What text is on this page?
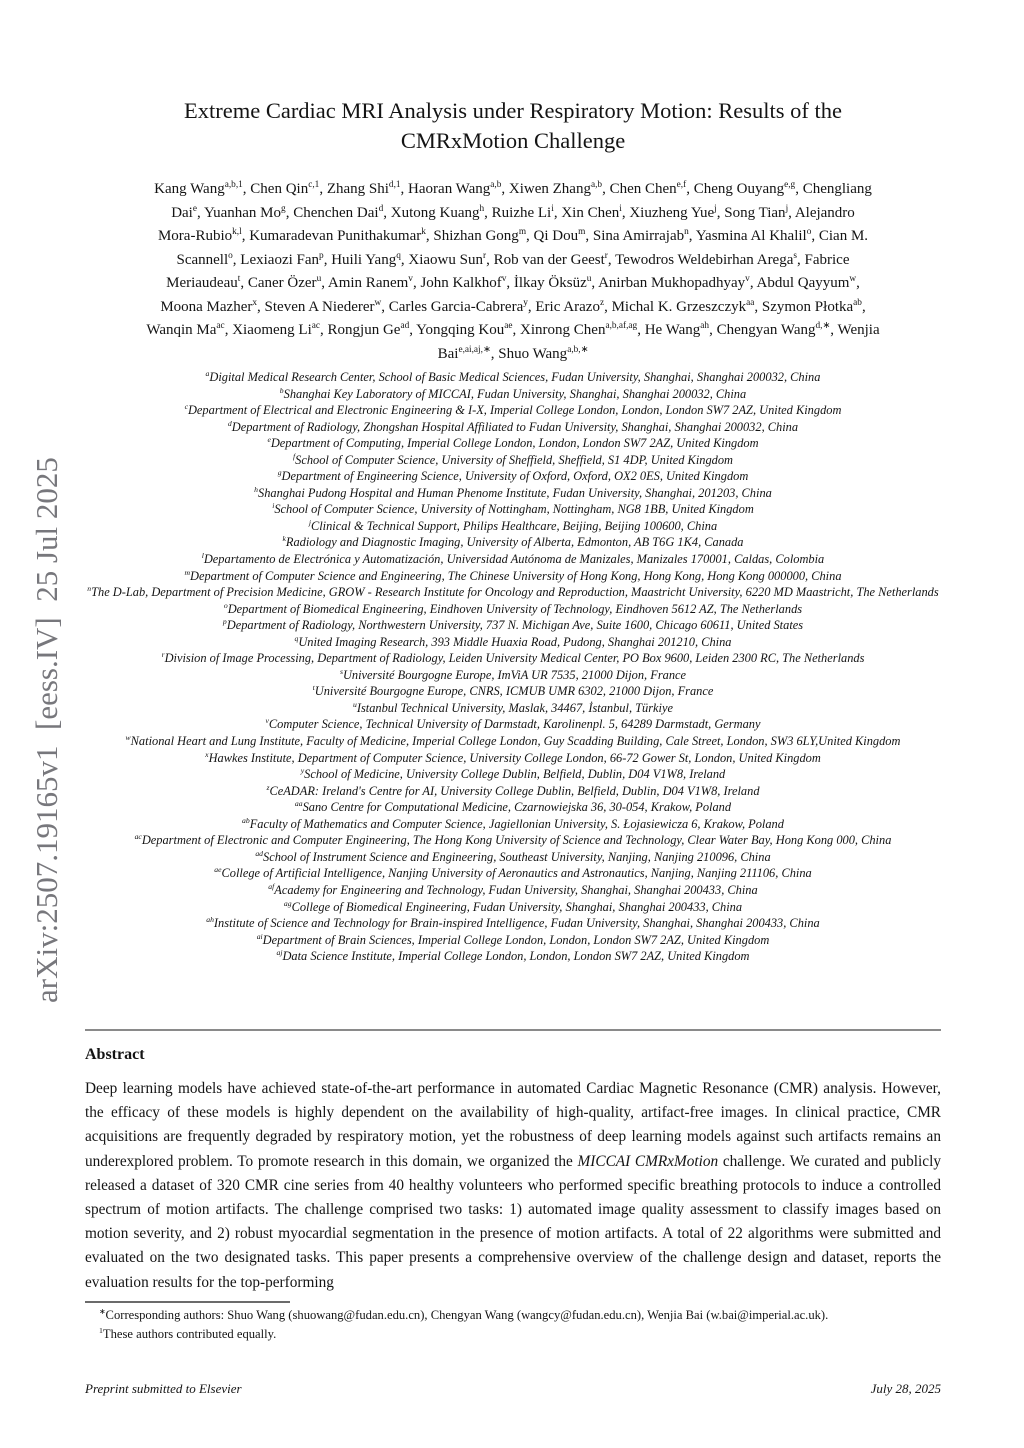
arXiv:2507.19165v1  [eess.IV]  25 Jul 2025
Extreme Cardiac MRI Analysis under Respiratory Motion: Results of the
CMRxMotion Challenge
Kang Wang$^{a,b,1}$, Chen Qin$^{c,1}$, Zhang Shi$^{d,1}$, Haoran Wang$^{a,b}$, Xiwen Zhang$^{a,b}$, Chen Chen$^{e,f}$, Cheng Ouyang$^{e,g}$, Chengliang
Dai$^e$, Yuanhan Mo$^g$, Chenchen Dai$^d$, Xutong Kuang$^h$, Ruizhe Li$^i$, Xin Chen$^i$, Xiuzheng Yue$^j$, Song Tian$^j$, Alejandro
Mora-Rubio$^{k,l}$, Kumaradevan Punithakumar$^k$, Shizhan Gong$^m$, Qi Dou$^m$, Sina Amirrajab$^n$, Yasmina Al Khalil$^o$, Cian M.
Scannell$^o$, Lexiaozi Fan$^p$, Huili Yang$^q$, Xiaowu Sun$^r$, Rob van der Geest$^r$, Tewodros Weldebirhan Arega$^s$, Fabrice
Meriaudeau$^t$, Caner Özer$^u$, Amin Ranem$^v$, John Kalkhof$^v$, İlkay Öksüz$^u$, Anirban Mukhopadhyay$^v$, Abdul Qayyum$^w$,
Moona Mazher$^x$, Steven A Niederer$^w$, Carles Garcia-Cabrera$^y$, Eric Arazo$^z$, Michal K. Grzeszczyk$^{aa}$, Szymon Płotka$^{ab}$,
Wanqin $Ma^{ac}$, Xiaomeng $Li^{ac}$, Rongjun $Ge^{ad}$, Yongqing Kou$^{ae}$, Xinrong Chen$^{a,b,af,ag}$, He Wang$^{ah}$, Chengyan Wang$^{d,∗}$, Wenjia
Bai$^{e,ai,aj,∗}$, Shuo Wang$^{a,b,∗}$
$^a$Digital Medical Research Center, School of Basic Medical Sciences, Fudan University, Shanghai, Shanghai 200032, China
$^b$Shanghai Key Laboratory of MICCAI, Fudan University, Shanghai, Shanghai 200032, China
$^c$Department of Electrical and Electronic Engineering & I-X, Imperial College London, London, London SW7 2AZ, United Kingdom
$^d$Department of Radiology, Zhongshan Hospital Affiliated to Fudan University, Shanghai, Shanghai 200032, China
$^e$Department of Computing, Imperial College London, London, London SW7 2AZ, United Kingdom
$^f$School of Computer Science, University of Sheffield, Sheffield, S1 4DP, United Kingdom
$^g$Department of Engineering Science, University of Oxford, Oxford, OX2 0ES, United Kingdom
$^h$Shanghai Pudong Hospital and Human Phenome Institute, Fudan University, Shanghai, 201203, China
$^i$School of Computer Science, University of Nottingham, Nottingham, NG8 1BB, United Kingdom
$^j$Clinical & Technical Support, Philips Healthcare, Beijing, Beijing 100600, China
$^k$Radiology and Diagnostic Imaging, University of Alberta, Edmonton, AB T6G 1K4, Canada
$^l$Departamento de Electrónica y Automatización, Universidad Autónoma de Manizales, Manizales 170001, Caldas, Colombia
$^m$Department of Computer Science and Engineering, The Chinese University of Hong Kong, Hong Kong, Hong Kong 000000, China
$^n$The D-Lab, Department of Precision Medicine, GROW - Research Institute for Oncology and Reproduction, Maastricht University, 6220 MD Maastricht, The Netherlands
$^o$Department of Biomedical Engineering, Eindhoven University of Technology, Eindhoven 5612 AZ, The Netherlands
$^p$Department of Radiology, Northwestern University, 737 N. Michigan Ave, Suite 1600, Chicago 60611, United States
$^q$United Imaging Research, 393 Middle Huaxia Road, Pudong, Shanghai 201210, China
$^r$Division of Image Processing, Department of Radiology, Leiden University Medical Center, PO Box 9600, Leiden 2300 RC, The Netherlands
$^s$Université Bourgogne Europe, ImViA UR 7535, 21000 Dijon, France
$^t$Université Bourgogne Europe, CNRS, ICMUB UMR 6302, 21000 Dijon, France
$^u$Istanbul Technical University, Maslak, 34467, İstanbul, Türkiye
$^v$Computer Science, Technical University of Darmstadt, Karolinenpl. 5, 64289 Darmstadt, Germany
$^w$National Heart and Lung Institute, Faculty of Medicine, Imperial College London, Guy Scadding Building, Cale Street, London, SW3 6LY,United Kingdom
$^x$Hawkes Institute, Department of Computer Science, University College London, 66-72 Gower St, London, United Kingdom
$^y$School of Medicine, University College Dublin, Belfield, Dublin, D04 V1W8, Ireland
$^z$CeADAR: Ireland's Centre for AI, University College Dublin, Belfield, Dublin, D04 V1W8, Ireland
$^{aa}$Sano Centre for Computational Medicine, Czarnowiejska 36, 30-054, Krakow, Poland
$^{ab}$Faculty of Mathematics and Computer Science, Jagiellonian University, S. Łojasiewicza 6, Krakow, Poland
$^{ac}$Department of Electronic and Computer Engineering, The Hong Kong University of Science and Technology, Clear Water Bay, Hong Kong 000, China
$^{ad}$School of Instrument Science and Engineering, Southeast University, Nanjing, Nanjing 210096, China
$^{ae}$College of Artificial Intelligence, Nanjing University of Aeronautics and Astronautics, Nanjing, Nanjing 211106, China
$^{af}$Academy for Engineering and Technology, Fudan University, Shanghai, Shanghai 200433, China
$^{ag}$College of Biomedical Engineering, Fudan University, Shanghai, Shanghai 200433, China
$^{ah}$Institute of Science and Technology for Brain-inspired Intelligence, Fudan University, Shanghai, Shanghai 200433, China
$^{ai}$Department of Brain Sciences, Imperial College London, London, London SW7 2AZ, United Kingdom
$^{aj}$Data Science Institute, Imperial College London, London, London SW7 2AZ, United Kingdom
Abstract
Deep learning models have achieved state-of-the-art performance in automated Cardiac Magnetic Resonance (CMR) analysis. However, the efficacy of these models is highly dependent on the availability of high-quality, artifact-free images. In clinical practice, CMR acquisitions are frequently degraded by respiratory motion, yet the robustness of deep learning models against such artifacts remains an underexplored problem. To promote research in this domain, we organized the MICCAI CMRxMotion challenge. We curated and publicly released a dataset of 320 CMR cine series from 40 healthy volunteers who performed specific breathing protocols to induce a controlled spectrum of motion artifacts. The challenge comprised two tasks: 1) automated image quality assessment to classify images based on motion severity, and 2) robust myocardial segmentation in the presence of motion artifacts. A total of 22 algorithms were submitted and evaluated on the two designated tasks. This paper presents a comprehensive overview of the challenge design and dataset, reports the evaluation results for the top-performing
∗Corresponding authors: Shuo Wang (shuowang@fudan.edu.cn), Chengyan Wang (wangcy@fudan.edu.cn), Wenjia Bai (w.bai@imperial.ac.uk).
$^1$These authors contributed equally.
Preprint submitted to Elsevier	July 28, 2025
